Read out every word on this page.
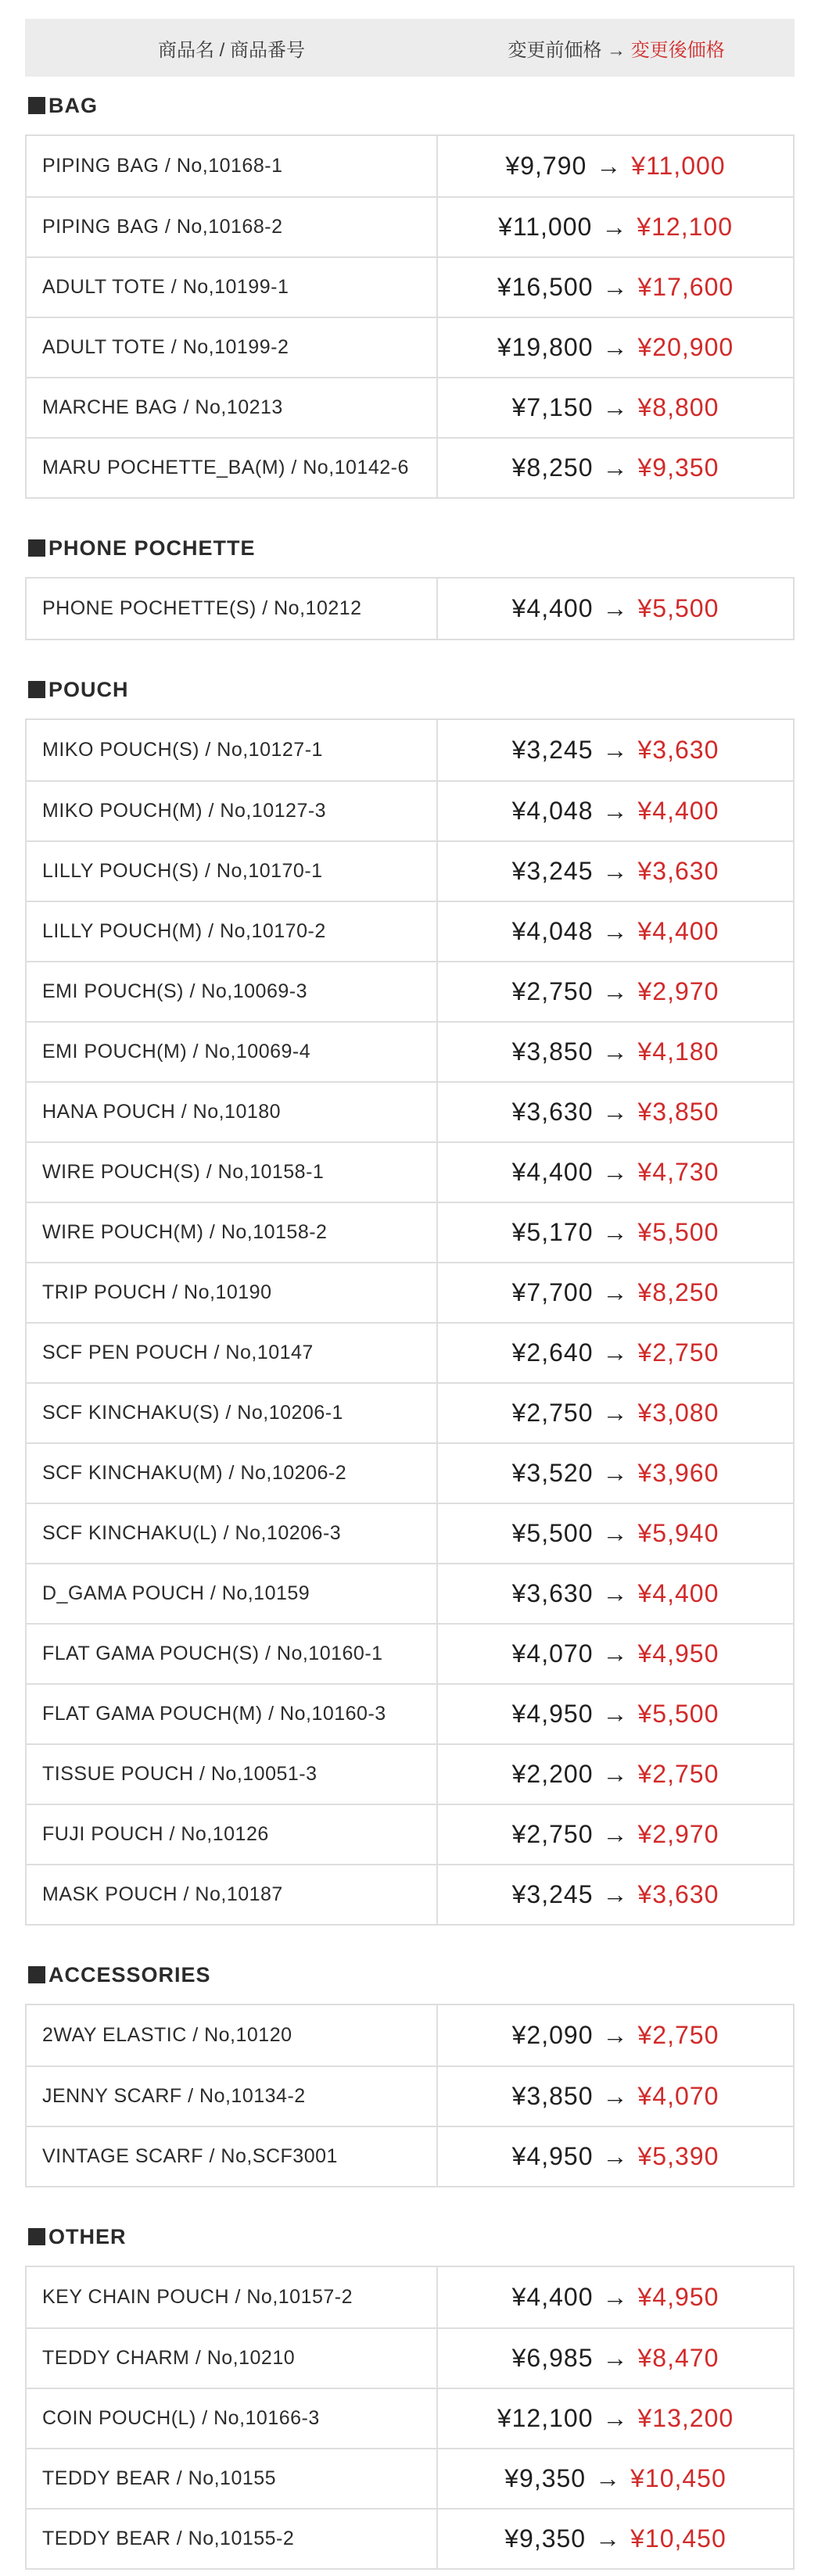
商品名 / 商品番号	変更前価格 → 変更後価格
BAG
PIPING BAG / No,10168-1	¥9,790 → ¥11,000
PIPING BAG / No,10168-2	¥11,000 → ¥12,100
ADULT TOTE / No,10199-1	¥16,500 → ¥17,600
ADULT TOTE / No,10199-2	¥19,800 → ¥20,900
MARCHE BAG / No,10213	¥7,150 → ¥8,800
MARU POCHETTE_BA(M) / No,10142-6	¥8,250 → ¥9,350
PHONE POCHETTE
PHONE POCHETTE(S) / No,10212	¥4,400 → ¥5,500
POUCH
MIKO POUCH(S) / No,10127-1	¥3,245 → ¥3,630
MIKO POUCH(M) / No,10127-3	¥4,048 → ¥4,400
LILLY POUCH(S) / No,10170-1	¥3,245 → ¥3,630
LILLY POUCH(M) / No,10170-2	¥4,048 → ¥4,400
EMI POUCH(S) / No,10069-3	¥2,750 → ¥2,970
EMI POUCH(M) / No,10069-4	¥3,850 → ¥4,180
HANA POUCH / No,10180	¥3,630 → ¥3,850
WIRE POUCH(S) / No,10158-1	¥4,400 → ¥4,730
WIRE POUCH(M) / No,10158-2	¥5,170 → ¥5,500
TRIP POUCH / No,10190	¥7,700 → ¥8,250
SCF PEN POUCH / No,10147	¥2,640 → ¥2,750
SCF KINCHAKU(S) / No,10206-1	¥2,750 → ¥3,080
SCF KINCHAKU(M) / No,10206-2	¥3,520 → ¥3,960
SCF KINCHAKU(L) / No,10206-3	¥5,500 → ¥5,940
D_GAMA POUCH / No,10159	¥3,630 → ¥4,400
FLAT GAMA POUCH(S) / No,10160-1	¥4,070 → ¥4,950
FLAT GAMA POUCH(M) / No,10160-3	¥4,950 → ¥5,500
TISSUE POUCH / No,10051-3	¥2,200 → ¥2,750
FUJI POUCH / No,10126	¥2,750 → ¥2,970
MASK POUCH / No,10187	¥3,245 → ¥3,630
ACCESSORIES
2WAY ELASTIC / No,10120	¥2,090 → ¥2,750
JENNY SCARF / No,10134-2	¥3,850 → ¥4,070
VINTAGE SCARF / No,SCF3001	¥4,950 → ¥5,390
OTHER
KEY CHAIN POUCH / No,10157-2	¥4,400 → ¥4,950
TEDDY CHARM / No,10210	¥6,985 → ¥8,470
COIN POUCH(L) / No,10166-3	¥12,100 → ¥13,200
TEDDY BEAR / No,10155	¥9,350 → ¥10,450
TEDDY BEAR / No,10155-2	¥9,350 → ¥10,450
